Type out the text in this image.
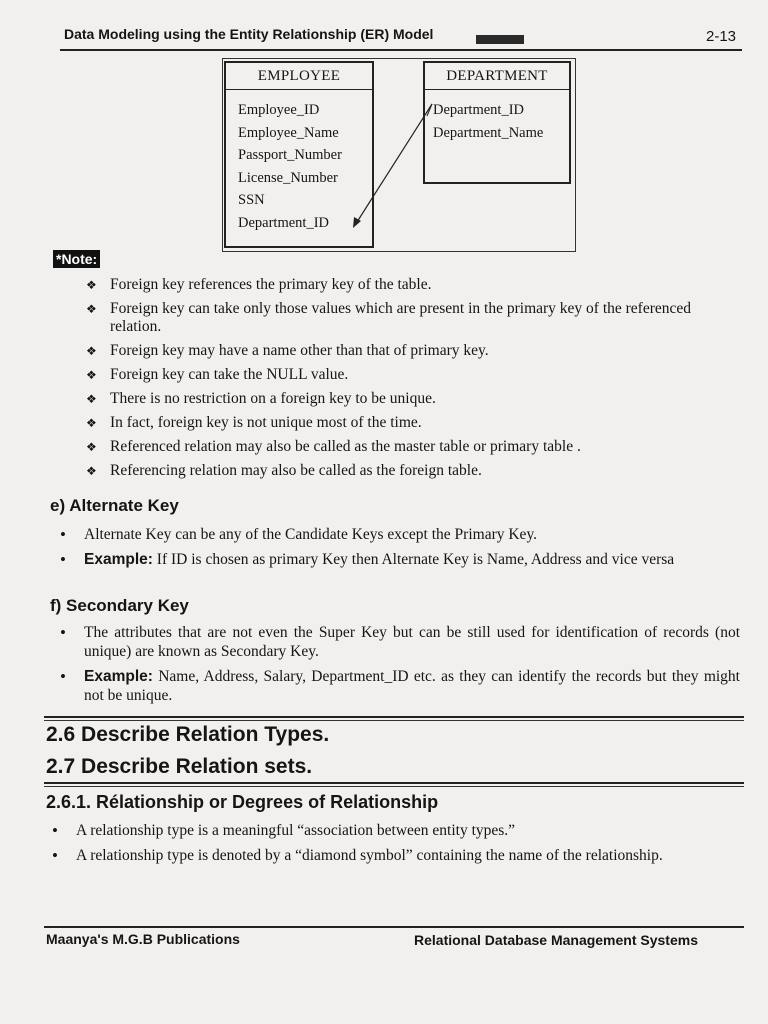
Data Modeling using the Entity Relationship (ER) Model	2-13
EMPLOYEE
Employee_ID
Employee_Name
Passport_Number
License_Number
SSN
Department_ID
DEPARTMENT
Department_ID
Department_Name
*Note:
❖ Foreign key references the primary key of the table.
❖ Foreign key can take only those values which are present in the primary key of the referenced relation.
❖ Foreign key may have a name other than that of primary key.
❖ Foreign key can take the NULL value.
❖ There is no restriction on a foreign key to be unique.
❖ In fact, foreign key is not unique most of the time.
❖ Referenced relation may also be called as the master table or primary table .
❖ Referencing relation may also be called as the foreign table.
e) Alternate Key
• Alternate Key can be any of the Candidate Keys except the Primary Key.
• Example: If ID is chosen as primary Key then Alternate Key is Name, Address and vice versa
f) Secondary Key
• The attributes that are not even the Super Key but can be still used for identification of records (not unique) are known as Secondary Key.
• Example: Name, Address, Salary, Department_ID etc. as they can identify the records but they might not be unique.
2.6 Describe Relation Types.
2.7 Describe Relation sets.
2.6.1. Rélationship or Degrees of Relationship
• A relationship type is a meaningful “association between entity types.”
• A relationship type is denoted by a “diamond symbol” containing the name of the relationship.
Maanya's M.G.B Publications	Relational Database Management Systems
